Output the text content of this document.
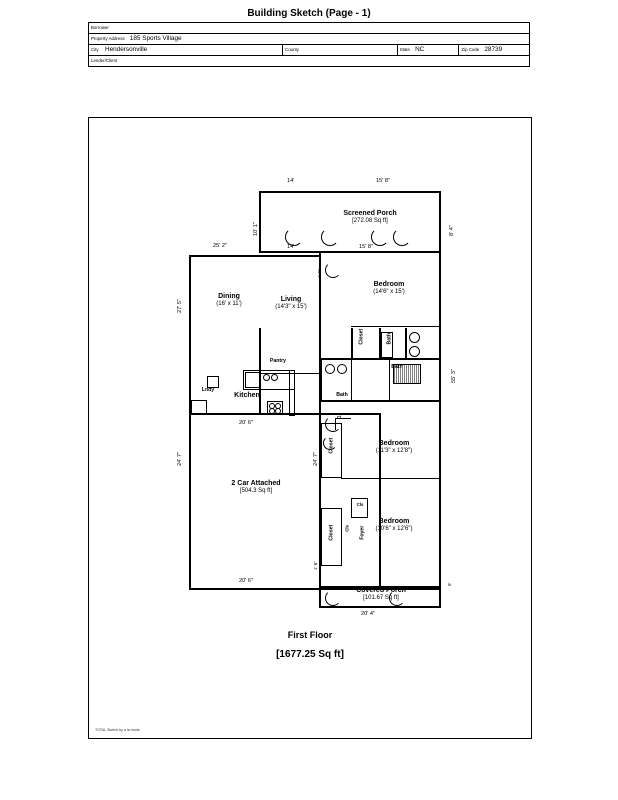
Building Sketch (Page - 1)
Borrower
Property Address 185 Sports Village
City Hendersonville	County	State NC	Zip Code 28739
Lender/Client
Screened Porch
[272.08 Sq ft]
Bedroom
(14'6" x 15')
Dining
(16' x 11')
Living
(14'3" x 15')
Kitchen
Bedroom
(11'3" x 12'8")
Bedroom
(10'6" x 12'6")
2 Car Attached
[504.3 Sq ft]
Covered Porch
[101.67 Sq ft]
Pantry
Lndy
Bath
Bath
Cl
Closet
Closet
Cls
Closet	Bath
Cls Foyer
14'	15' 8"
8' 4"
10' 1"
25' 2"	14'	15' 8"
1' 6"
27' 5"
55' 3"
20' 6"
24' 7"
24' 7"
20' 6"
1' 6"
5'
20' 4"
First Floor
[1677.25 Sq ft]
TOTAL Sketch by a la mode
